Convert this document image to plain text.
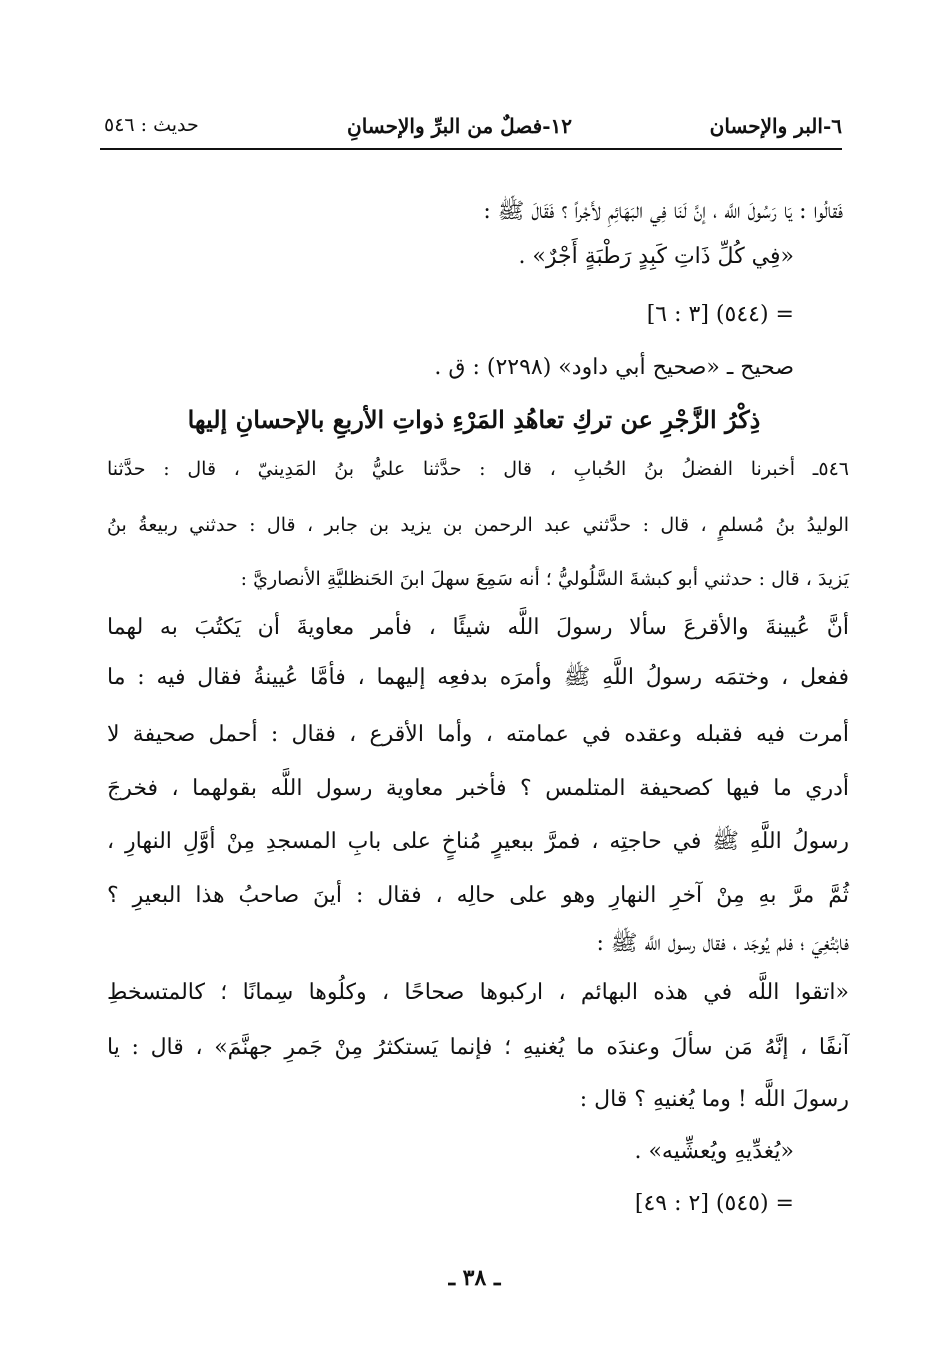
٦-البر والإحسان
١٢-فصلٌ من البرِّ والإحسانِ
حديث : ٥٤٦
فَقالُوا : يَا رَسُولَ اللَّه ، إنَّ لَنَا فِي البَهَائِمِ لأَجْراً ؟ فَقَالَ ﷺ :
«فِي كُلِّ ذَاتِ كَبِدٍ رَطْبَةٍ أَجْرٌ» .
= (٥٤٤) [٣ : ٦]
صحيح ـ «صحيح أبي داود» (٢٢٩٨) : ق .
ذِكْرُ الزَّجْرِ عن تركِ تعاهُدِ المَرْءِ ذواتِ الأربعِ بالإحسانِ إليها
٥٤٦ـ أخبرنا الفضلُ بنُ الحُبابِ ، قال : حدَّثنا عليُّ بنُ المَدِينيّ ، قال : حدَّثنا
الوليدُ بنُ مُسلمٍ ، قال : حدَّثني عبد الرحمن بن يزيد بن جابر ، قال : حدثني ربيعةُ بنُ
يَزيدَ ، قال : حدثني أبو كبشةَ السَّلُوليُّ ؛ أنه سَمِعَ سهلَ ابنَ الحَنظليَّةِ الأنصاريَّ :
أنَّ عُيينةَ والأقرعَ سألا رسولَ اللَّه شيئًا ، فأمر معاويةَ أن يَكتُبَ به لهما
ففعل ، وختمَه رسولُ اللَّهِ ﷺ وأمرَه بدفعِه إليهما ، فأمَّا عُيينةُ فقال فيه : ما
أمرت فيه فقبله وعقده في عمامته ، وأما الأقرع ، فقال : أحمل صحيفة لا
أدري ما فيها كصحيفة المتلمس ؟ فأخبر معاوية رسول اللَّه بقولهما ، فخرجَ
رسولُ اللَّهِ ﷺ في حاجتِه ، فمرَّ ببعيرٍ مُناخٍ على بابِ المسجدِ مِنْ أوَّلِ النهارِ ،
ثُمَّ مرَّ بهِ مِنْ آخرِ النهارِ وهو على حالِه ، فقال : أينَ صاحبُ هذا البعيرِ ؟
فابْتُغِيَ ؛ فلم يُوجَد ، فقال رسول اللَّه ﷺ :
«اتقوا اللَّه في هذه البهائم ، اركبوها صحاحًا ، وكلُوها سِمانًا ؛ كالمتسخطِ
آنفًا ، إنَّهُ مَن سألَ وعندَه ما يُغنيهِ ؛ فإنما يَستكثرُ مِنْ جَمرِ جهنَّمَ» ، قال : يا
رسولَ اللَّه ! وما يُغنيهِ ؟ قال :
«يُغدِّيهِ ويُعشِّيه» .
= (٥٤٥) [٢ : ٤٩]
ـ ٣٨ ـ
